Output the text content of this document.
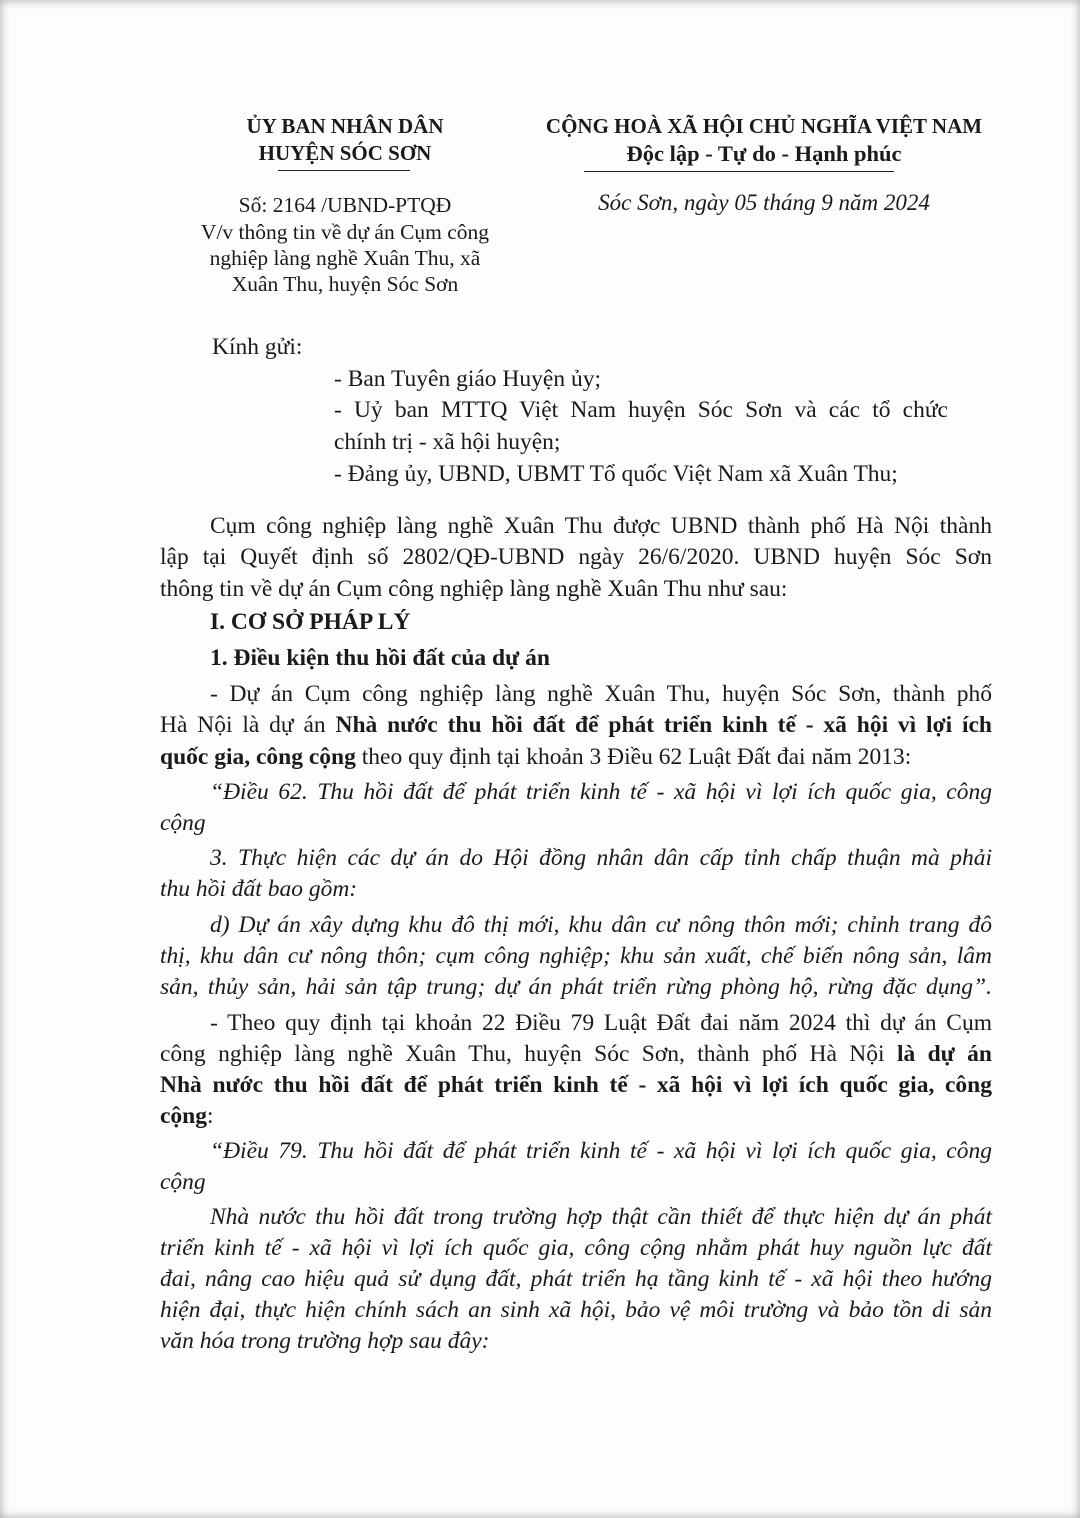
ỦY BAN NHÂN DÂN
HUYỆN SÓC SƠN
CỘNG HOÀ XÃ HỘI CHỦ NGHĨA VIỆT NAM
Độc lập - Tự do - Hạnh phúc
Số: 2164 /UBND-PTQĐ
V/v thông tin về dự án Cụm công
nghiệp làng nghề Xuân Thu, xã
Xuân Thu, huyện Sóc Sơn
Sóc Sơn, ngày 05 tháng 9 năm 2024
Kính gửi:
- Ban Tuyên giáo Huyện ủy;
- Uỷ ban MTTQ Việt Nam huyện Sóc Sơn và các tổ chức
chính trị - xã hội huyện;
- Đảng ủy, UBND, UBMT Tổ quốc Việt Nam xã Xuân Thu;
Cụm công nghiệp làng nghề Xuân Thu được UBND thành phố Hà Nội thành
lập tại Quyết định số 2802/QĐ-UBND ngày 26/6/2020. UBND huyện Sóc Sơn
thông tin về dự án Cụm công nghiệp làng nghề Xuân Thu như sau:
I. CƠ SỞ PHÁP LÝ
1. Điều kiện thu hồi đất của dự án
- Dự án Cụm công nghiệp làng nghề Xuân Thu, huyện Sóc Sơn, thành phố
Hà Nội là dự án Nhà nước thu hồi đất để phát triển kinh tế - xã hội vì lợi ích
quốc gia, công cộng theo quy định tại khoản 3 Điều 62 Luật Đất đai năm 2013:
“Điều 62. Thu hồi đất để phát triển kinh tế - xã hội vì lợi ích quốc gia, công
cộng
3. Thực hiện các dự án do Hội đồng nhân dân cấp tỉnh chấp thuận mà phải
thu hồi đất bao gồm:
d) Dự án xây dựng khu đô thị mới, khu dân cư nông thôn mới; chỉnh trang đô
thị, khu dân cư nông thôn; cụm công nghiệp; khu sản xuất, chế biến nông sản, lâm
sản, thủy sản, hải sản tập trung; dự án phát triển rừng phòng hộ, rừng đặc dụng”.
- Theo quy định tại khoản 22 Điều 79 Luật Đất đai năm 2024 thì dự án Cụm
công nghiệp làng nghề Xuân Thu, huyện Sóc Sơn, thành phố Hà Nội là dự án
Nhà nước thu hồi đất để phát triển kinh tế - xã hội vì lợi ích quốc gia, công
cộng:
“Điều 79. Thu hồi đất để phát triển kinh tế - xã hội vì lợi ích quốc gia, công
cộng
Nhà nước thu hồi đất trong trường hợp thật cần thiết để thực hiện dự án phát
triển kinh tế - xã hội vì lợi ích quốc gia, công cộng nhằm phát huy nguồn lực đất
đai, nâng cao hiệu quả sử dụng đất, phát triển hạ tầng kinh tế - xã hội theo hướng
hiện đại, thực hiện chính sách an sinh xã hội, bảo vệ môi trường và bảo tồn di sản
văn hóa trong trường hợp sau đây:
